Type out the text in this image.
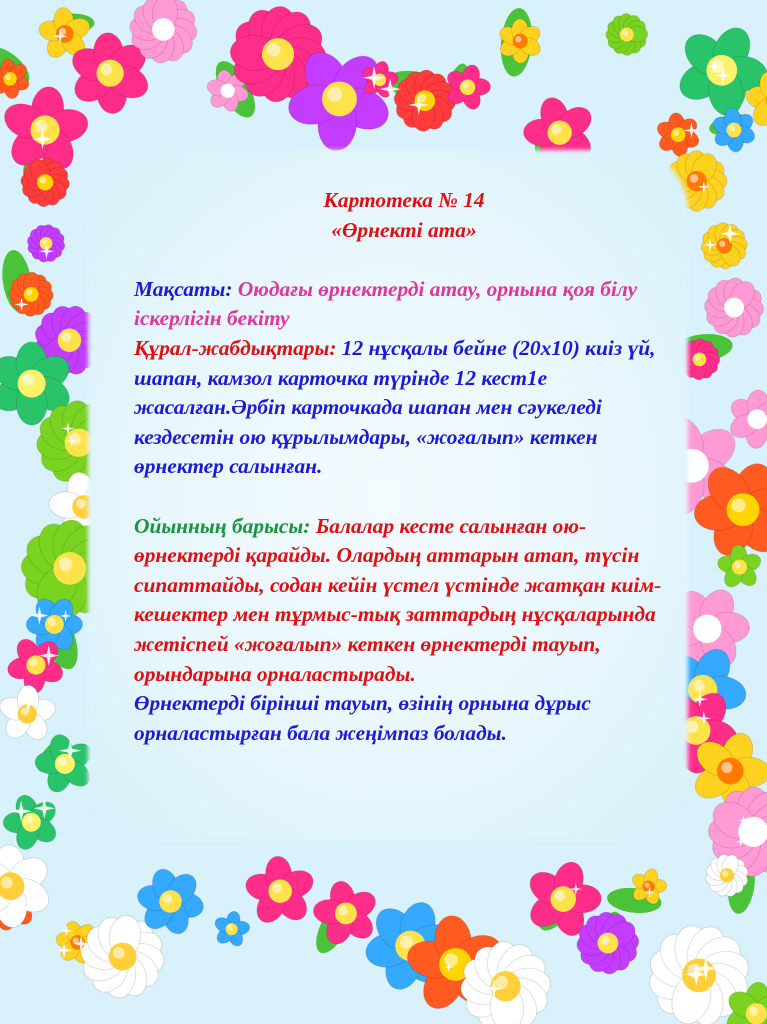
Картотека № 14
«Өрнекті ата»

Мақсаты: Оюдағы өрнектерді атау, орнына қоя білу іскерлігін бекіту

Құрал-жабдықтары: 12 нұсқалы бейне (20х10) киіз үй, шапан, камзол карточка түрінде 12 кест1е жасалған.Әрбіп карточкада шапан мен сәукеледі кездесетін ою құрылымдары, «жоғалып» кеткен өрнектер салынған.

Ойынның барысы: Балалар кесте салынған ою-өрнектерді қарайды. Олардың аттарын атап, түсін сипаттайды, содан кейін үстел үстінде жатқан киім-кешектер мен тұрмыс-тық заттардың нұсқаларында жетіспей «жоғалып» кеткен өрнектерді тауып, орындарына орналастырады.

Өрнектерді бірінші тауып, өзінің орнына дұрыс орналастырған бала жеңімпаз болады.
